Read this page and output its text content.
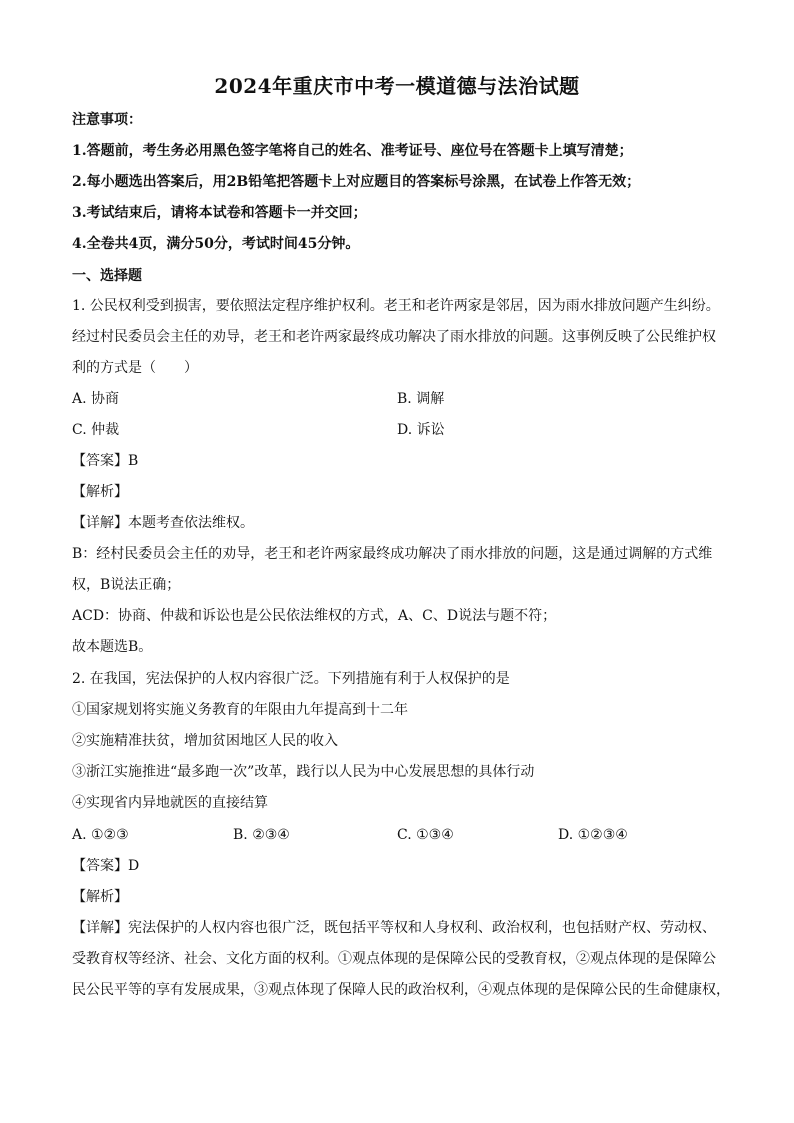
2024年重庆市中考一模道德与法治试题
注意事项：
1.答题前，考生务必用黑色签字笔将自己的姓名、准考证号、座位号在答题卡上填写清楚；
2.每小题选出答案后，用2B铅笔把答题卡上对应题目的答案标号涂黑，在试卷上作答无效；
3.考试结束后，请将本试卷和答题卡一并交回；
4.全卷共4页，满分50分，考试时间45分钟。
一、选择题
1. 公民权利受到损害，要依照法定程序维护权利。老王和老许两家是邻居，因为雨水排放问题产生纠纷。
经过村民委员会主任的劝导，老王和老许两家最终成功解决了雨水排放的问题。这事例反映了公民维护权
利的方式是（　　）
A. 协商	B. 调解
C. 仲裁	D. 诉讼
【答案】B
【解析】
【详解】本题考查依法维权。
B：经村民委员会主任的劝导，老王和老许两家最终成功解决了雨水排放的问题，这是通过调解的方式维
权，B说法正确；
ACD：协商、仲裁和诉讼也是公民依法维权的方式，A、C、D说法与题不符；
故本题选B。
2. 在我国，宪法保护的人权内容很广泛。下列措施有利于人权保护的是
①国家规划将实施义务教育的年限由九年提高到十二年
②实施精准扶贫，增加贫困地区人民的收入
③浙江实施推进“最多跑一次”改革，践行以人民为中心发展思想的具体行动
④实现省内异地就医的直接结算
A. ①②③	B. ②③④	C. ①③④	D. ①②③④
【答案】D
【解析】
【详解】宪法保护的人权内容也很广泛，既包括平等权和人身权利、政治权利，也包括财产权、劳动权、
受教育权等经济、社会、文化方面的权利。①观点体现的是保障公民的受教育权，②观点体现的是保障公
民公民平等的享有发展成果，③观点体现了保障人民的政治权利，④观点体现的是保障公民的生命健康权，
